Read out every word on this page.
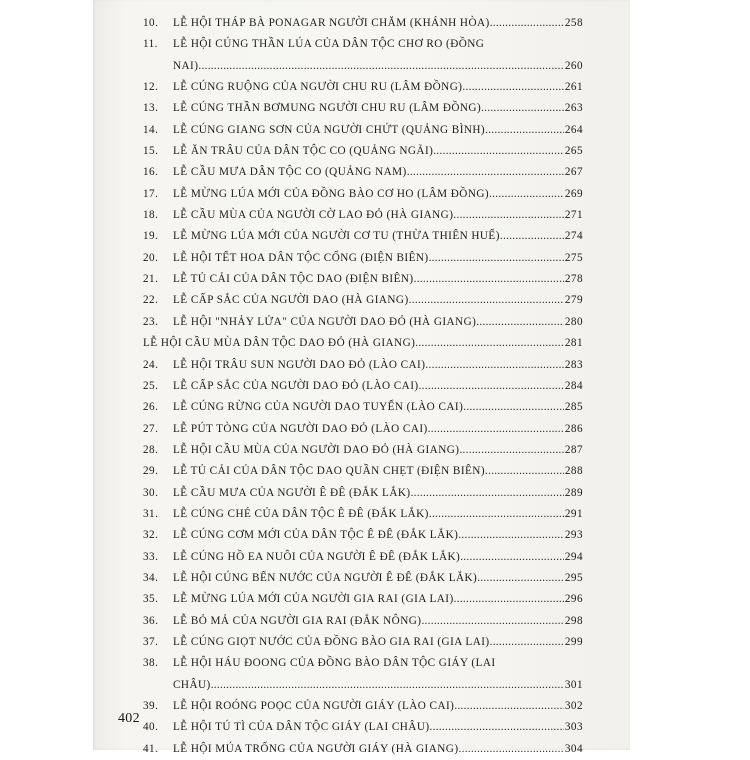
10.	LỄ HỘI THÁP BÀ PONAGAR NGƯỜI CHĂM (KHÁNH HÒA) .....	258
11.	LỄ HỘI CÚNG THẦN LÚA CỦA DÂN TỘC CHƠ RO (ĐỒNG
NAI) .....	260
12.	LỄ CÚNG RUỘNG CỦA NGƯỜI CHU RU (LÂM ĐỒNG) .....	261
13.	LỄ CÚNG THẦN BƠMUNG NGƯỜI CHU RU (LÂM ĐỒNG) .....	263
14.	LỄ CÚNG GIANG SƠN CỦA NGƯỜI CHỨT (QUẢNG BÌNH) .....	264
15.	LỄ ĂN TRÂU CỦA DÂN TỘC CO (QUẢNG NGÃI) .....	265
16.	LỄ CẦU MƯA DÂN TỘC CO (QUẢNG NAM) .....	267
17.	LỄ MỪNG LÚA MỚI CỦA ĐỒNG BÀO CƠ HO (LÂM ĐỒNG) .....	269
18.	LỄ CẦU MÙA CỦA NGƯỜI CỜ LAO ĐỎ (HÀ GIANG) .....	271
19.	LỄ MỪNG LÚA MỚI CỦA NGƯỜI CƠ TU (THỪA THIÊN HUẾ) .....	274
20.	LỄ HỘI TẾT HOA DÂN TỘC CỐNG (ĐIỆN BIÊN) .....	275
21.	LỄ TỦ CẢI CỦA DÂN TỘC DAO (ĐIỆN BIÊN) .....	278
22.	LỄ CẤP SẮC CỦA NGƯỜI DAO (HÀ GIANG) .....	279
23.	LỄ HỘI "NHẢY LỬA" CỦA NGƯỜI DAO ĐỎ (HÀ GIANG) .....	280
LỄ HỘI CẦU MÙA DÂN TỘC DAO ĐỎ (HÀ GIANG) .....	281
24.	LỄ HỘI TRÂU SUN NGƯỜI DAO ĐỎ (LÀO CAI) .....	283
25.	LỄ CẤP SẮC CỦA NGƯỜI DAO ĐỎ (LÀO CAI) .....	284
26.	LỄ CÚNG RỪNG CỦA NGƯỜI DAO TUYỂN (LÀO CAI) .....	285
27.	LỄ PÚT TÒNG CỦA NGƯỜI DAO ĐỎ (LÀO CAI) .....	286
28.	LỄ HỘI CẦU MÙA CỦA NGƯỜI DAO ĐỎ (HÀ GIANG) .....	287
29.	LỄ TỦ CẢI CỦA DÂN TỘC DAO QUẦN CHẸT (ĐIỆN BIÊN) .....	288
30.	LỄ CẦU MƯA CỦA NGƯỜI Ê ĐÊ (ĐẮK LẮK) .....	289
31.	LỄ CÚNG CHÉ CỦA DÂN TỘC Ê ĐÊ (ĐẮK LẮK) .....	291
32.	LỄ CÚNG CƠM MỚI CỦA DÂN TỘC Ê ĐÊ (ĐẮK LẮK) .....	293
33.	LỄ CÚNG HỒ EA NUÔI CỦA NGƯỜI Ê ĐÊ (ĐẮK LẮK) .....	294
34.	LỄ HỘI CÚNG BẾN NƯỚC CỦA NGƯỜI Ê ĐÊ (ĐẮK LẮK) .....	295
35.	LỄ MỪNG LÚA MỚI CỦA NGƯỜI GIA RAI (GIA LAI) .....	296
36.	LỄ BỎ MẢ CỦA NGƯỜI GIA RAI (ĐẮK NÔNG) .....	298
37.	LỄ CÚNG GIỌT NƯỚC CỦA ĐỒNG BÀO GIA RAI (GIA LAI) .....	299
38.	LỄ HỘI HÁU ĐOONG CỦA ĐỒNG BÀO DÂN TỘC GIÁY (LAI
CHÂU) .....	301
39.	LỄ HỘI ROÓNG POỌC CỦA NGƯỜI GIÁY (LÀO CAI) .....	302
40.	LỄ HỘI TÚ TÌ CỦA DÂN TỘC GIÁY (LAI CHÂU) .....	303
41.	LỄ HỘI MÚA TRỐNG CỦA NGƯỜI GIÁY (HÀ GIANG) .....	304
402
